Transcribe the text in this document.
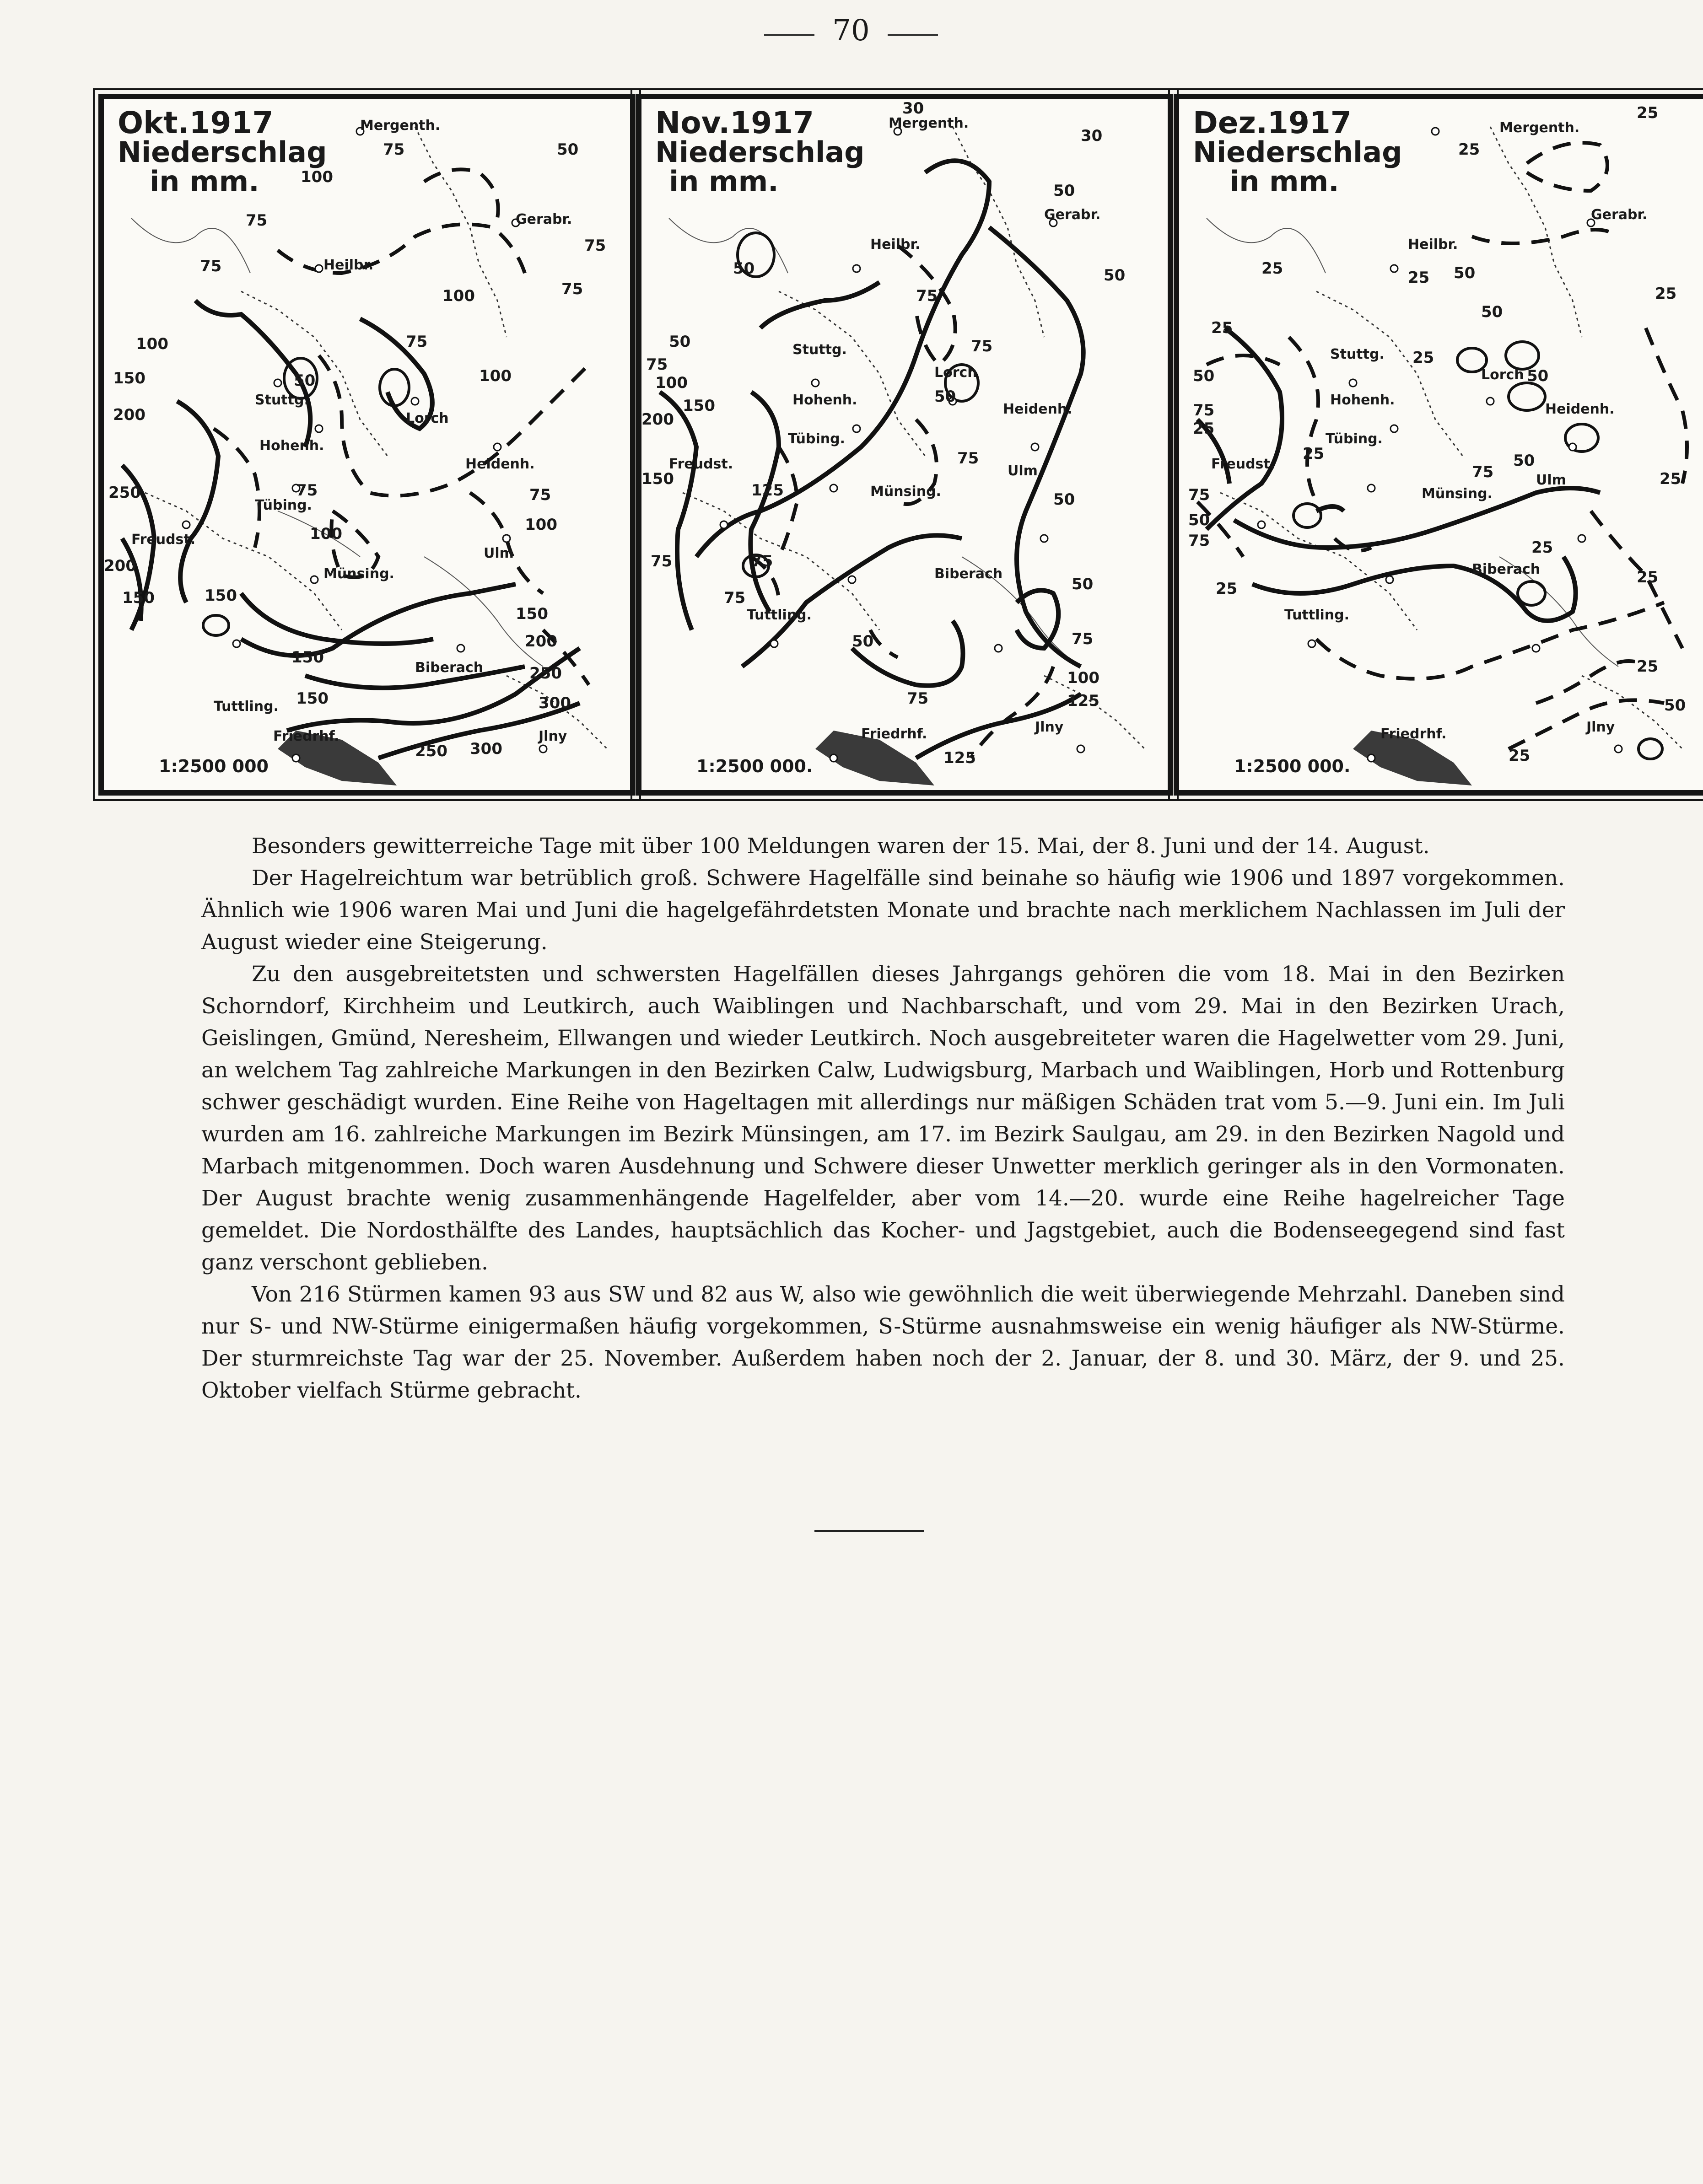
70
Okt.1917
Niederschlag
in mm.
Mergenth.
Gerabr.
Heilbr.
Stuttg.
Lorch
Hohenh.
Heidenh.
Tübing.
Freudst.
Münsing.
Ulm
Biberach
Tuttling.
Friedrhf.	Jlny
100
75
75
75
50
75
75
100
50
75
100
100
150
200
75
250
200
75
100	100
150	150
150
200
150
250
300
150
250 300
1:2500 000
Nov.1917
Niederschlag
in mm.
Mergenth.
Gerabr.
Heilbr.
Stuttg.
Lorch
Hohenh.
Heidenh.
Tübing.
Freudst.
Münsing.
Ulm
Biberach
Tuttling.
Friedrhf.	Jlny
30
30
50
50
75
50
50
75
100
75
150
200
50
150
75
125
75
50
75
75
50
50	75
100
125
75
125
1:2500 000.
Dez.1917
Niederschlag
in mm.
Mergenth.
Gerabr.
Heilbr.
Stuttg.
Lorch
Hohenh.
Heidenh.
Tübing.
Freudst.
Münsing.
Ulm
Biberach
Tuttling.
Friedrhf.	Jlny
25
25
25	25 50
25
50
25
25
50
50
75
25
25
75
75
50
75
50
25
25
25
25
25
50
25
1:2500 000.

Besonders gewitterreiche Tage mit über 100 Meldungen waren der 15. Mai, der 8. Juni und der 14. August.

Der Hagelreichtum war betrüblich groß. Schwere Hagelfälle sind beinahe so häufig wie 1906 und 1897 vorgekommen. Ähnlich wie 1906 waren Mai und Juni die hagelgefährdetsten Monate und brachte nach merklichem Nachlassen im Juli der August wieder eine Steigerung.

Zu den ausgebreitetsten und schwersten Hagelfällen dieses Jahrgangs gehören die vom 18. Mai in den Bezirken Schorndorf, Kirchheim und Leutkirch, auch Waiblingen und Nachbarschaft, und vom 29. Mai in den Bezirken Urach, Geislingen, Gmünd, Neresheim, Ellwangen und wieder Leutkirch. Noch ausgebreiteter waren die Hagelwetter vom 29. Juni, an welchem Tag zahlreiche Markungen in den Bezirken Calw, Ludwigsburg, Marbach und Waiblingen, Horb und Rottenburg schwer geschädigt wurden. Eine Reihe von Hageltagen mit allerdings nur mäßigen Schäden trat vom 5.—9. Juni ein. Im Juli wurden am 16. zahlreiche Markungen im Bezirk Münsingen, am 17. im Bezirk Saulgau, am 29. in den Bezirken Nagold und Marbach mitgenommen. Doch waren Ausdehnung und Schwere dieser Unwetter merklich geringer als in den Vormonaten. Der August brachte wenig zusammenhängende Hagelfelder, aber vom 14.—20. wurde eine Reihe hagelreicher Tage gemeldet. Die Nordosthälfte des Landes, hauptsächlich das Kocher- und Jagstgebiet, auch die Bodenseegegend sind fast ganz verschont geblieben.

Von 216 Stürmen kamen 93 aus SW und 82 aus W, also wie gewöhnlich die weit überwiegende Mehrzahl. Daneben sind nur S- und NW-Stürme einigermaßen häufig vorgekommen, S-Stürme ausnahmsweise ein wenig häufiger als NW-Stürme. Der sturmreichste Tag war der 25. November. Außerdem haben noch der 2. Januar, der 8. und 30. März, der 9. und 25. Oktober vielfach Stürme gebracht.
